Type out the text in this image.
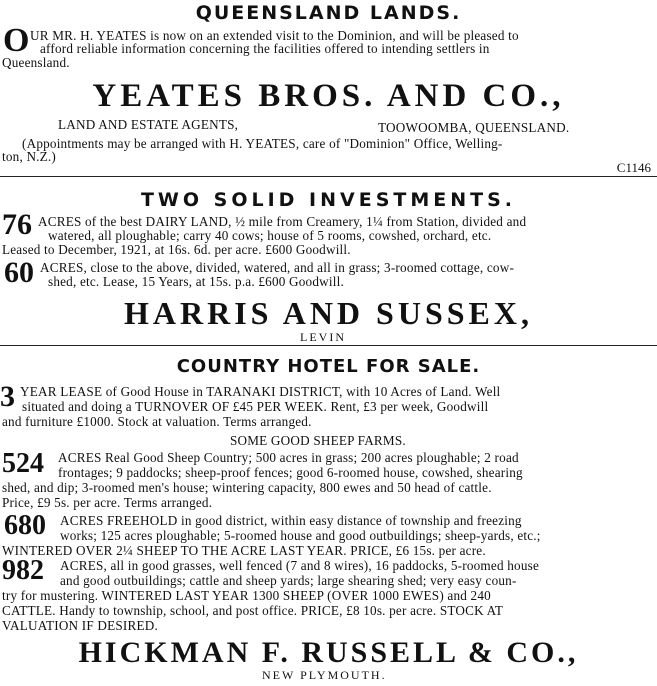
QUEENSLAND LANDS.
O UR MR. H. YEATES is now on an extended visit to the Dominion, and will be pleased to
afford reliable information concerning the facilities offered to intending settlers in
Queensland.
YEATES BROS. AND CO.,
LAND AND ESTATE AGENTS,	TOOWOOMBA, QUEENSLAND.
(Appointments may be arranged with H. YEATES, care of "Dominion" Office, Welling-
ton, N.Z.)
C1146
TWO SOLID INVESTMENTS.
76 ACRES of the best DAIRY LAND, ½ mile from Creamery, 1¼ from Station, divided and
watered, all ploughable; carry 40 cows; house of 5 rooms, cowshed, orchard, etc.
Leased to December, 1921, at 16s. 6d. per acre. £600 Goodwill.
60 ACRES, close to the above, divided, watered, and all in grass; 3-roomed cottage, cow-
shed, etc. Lease, 15 Years, at 15s. p.a. £600 Goodwill.
HARRIS AND SUSSEX,
LEVIN
COUNTRY HOTEL FOR SALE.
3 YEAR LEASE of Good House in TARANAKI DISTRICT, with 10 Acres of Land. Well
situated and doing a TURNOVER OF £45 PER WEEK. Rent, £3 per week, Goodwill
and furniture £1000. Stock at valuation. Terms arranged.
SOME GOOD SHEEP FARMS.
524 ACRES Real Good Sheep Country; 500 acres in grass; 200 acres ploughable; 2 road
frontages; 9 paddocks; sheep-proof fences; good 6-roomed house, cowshed, shearing
shed, and dip; 3-roomed men's house; wintering capacity, 800 ewes and 50 head of cattle.
Price, £9 5s. per acre. Terms arranged.
680 ACRES FREEHOLD in good district, within easy distance of township and freezing
works; 125 acres ploughable; 5-roomed house and good outbuildings; sheep-yards, etc.;
WINTERED OVER 2¼ SHEEP TO THE ACRE LAST YEAR. PRICE, £6 15s. per acre.
982 ACRES, all in good grasses, well fenced (7 and 8 wires), 16 paddocks, 5-roomed house
and good outbuildings; cattle and sheep yards; large shearing shed; very easy coun-
try for mustering. WINTERED LAST YEAR 1300 SHEEP (OVER 1000 EWES) and 240
CATTLE. Handy to township, school, and post office. PRICE, £8 10s. per acre. STOCK AT
VALUATION IF DESIRED.
HICKMAN F. RUSSELL & CO.,
NEW PLYMOUTH.
